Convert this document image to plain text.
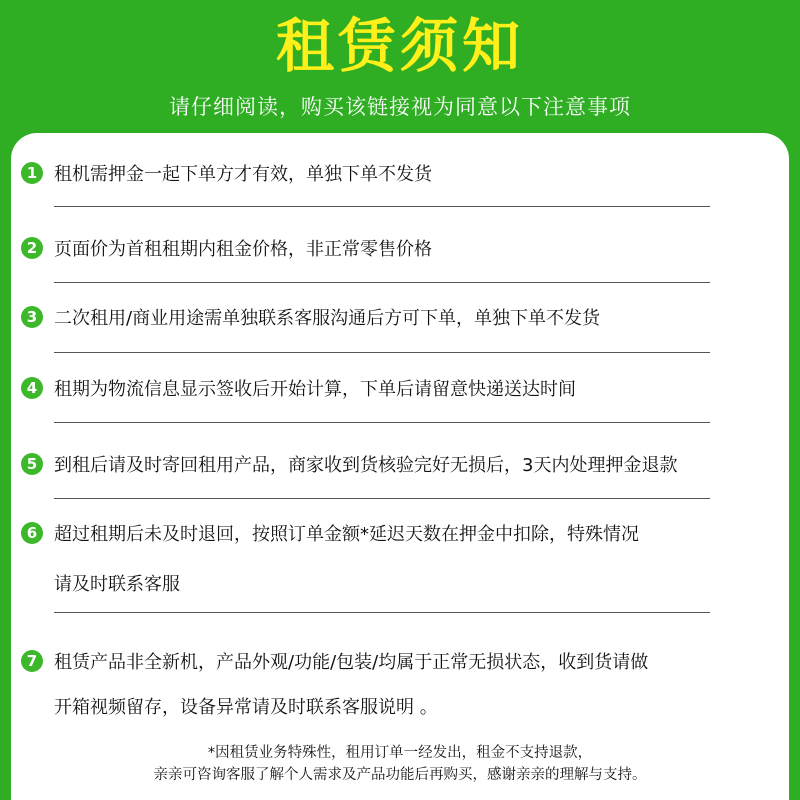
租赁须知
请仔细阅读，购买该链接视为同意以下注意事项
1 租机需押金一起下单方才有效，单独下单不发货
2 页面价为首租租期内租金价格，非正常零售价格
3 二次租用/商业用途需单独联系客服沟通后方可下单，单独下单不发货
4 租期为物流信息显示签收后开始计算，下单后请留意快递送达时间
5 到租后请及时寄回租用产品，商家收到货核验完好无损后，3天内处理押金退款
6 超过租期后未及时退回，按照订单金额*延迟天数在押金中扣除，特殊情况
请及时联系客服
7 租赁产品非全新机，产品外观/功能/包装/均属于正常无损状态，收到货请做
开箱视频留存，设备异常请及时联系客服说明 。
*因租赁业务特殊性，租用订单一经发出，租金不支持退款，
亲亲可咨询客服了解个人需求及产品功能后再购买，感谢亲亲的理解与支持。
